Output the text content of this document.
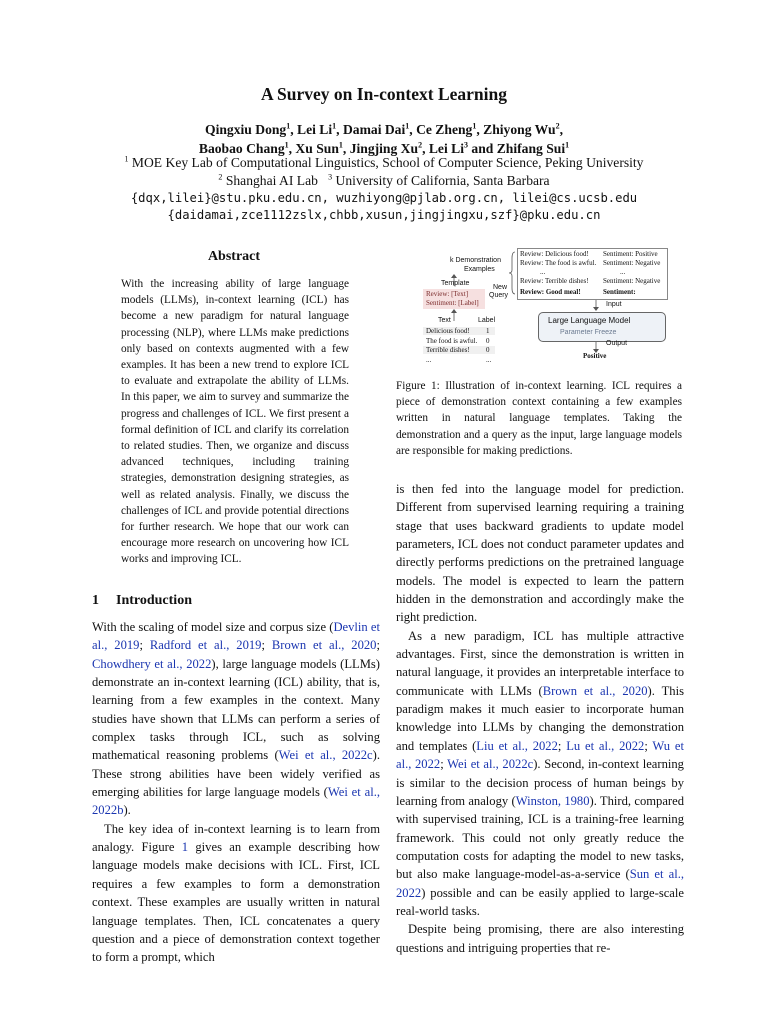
A Survey on In-context Learning
Qingxiu Dong$^1$, Lei Li$^1$, Damai Dai$^1$, Ce Zheng$^1$, Zhiyong Wu$^2$,
Baobao Chang$^1$, Xu Sun$^1$, Jingjing Xu$^2$, Lei Li$^3$ and Zhifang Sui$^1$
$^1$ MOE Key Lab of Computational Linguistics, School of Computer Science, Peking University
$^2$ Shanghai AI Lab $^3$ University of California, Santa Barbara
{dqx,lilei}@stu.pku.edu.cn, wuzhiyong@pjlab.org.cn, lilei@cs.ucsb.edu
{daidamai,zce1112zslx,chbb,xusun,jingjingxu,szf}@pku.edu.cn
Abstract
With the increasing ability of large language models (LLMs), in-context learning (ICL) has become a new paradigm for natural language processing (NLP), where LLMs make predictions only based on contexts augmented with a few examples. It has been a new trend to explore ICL to evaluate and extrapolate the ability of LLMs. In this paper, we aim to survey and summarize the progress and challenges of ICL. We first present a formal definition of ICL and clarify its correlation to related studies. Then, we organize and discuss advanced techniques, including training strategies, demonstration designing strategies, as well as related analysis. Finally, we discuss the challenges of ICL and provide potential directions for further research. We hope that our work can encourage more research on uncovering how ICL works and improving ICL.
1 Introduction

With the scaling of model size and corpus size (Devlin et al., 2019; Radford et al., 2019; Brown et al., 2020; Chowdhery et al., 2022), large language models (LLMs) demonstrate an in-context learning (ICL) ability, that is, learning from a few examples in the context. Many studies have shown that LLMs can perform a series of complex tasks through ICL, such as solving mathematical reasoning problems (Wei et al., 2022c). These strong abilities have been widely verified as emerging abilities for large language models (Wei et al., 2022b).

The key idea of in-context learning is to learn from analogy. Figure 1 gives an example describing how language models make decisions with ICL. First, ICL requires a few examples to form a demonstration context. These examples are usually written in natural language templates. Then, ICL concatenates a query question and a piece of demonstration context together to form a prompt, which

k Demonstration
Examples
Template
New
Query
Review: [Text]
Sentiment: [Label]
Text	Label
Delicious food! 1
The food is awful. 0
Terrible dishes! 0
...	...
Review: Delicious food! Sentiment: Positive
Review: The food is awful. Sentiment: Negative
...	...
Review: Terrible dishes! Sentiment: Negative
Review: Good meal!	Sentiment:
Input
Large Language Model
Parameter Freeze
Output
Positive
Figure 1: Illustration of in-context learning. ICL requires a piece of demonstration context containing a few examples written in natural language templates. Taking the demonstration and a query as the input, large language models are responsible for making predictions.

is then fed into the language model for prediction. Different from supervised learning requiring a training stage that uses backward gradients to update model parameters, ICL does not conduct parameter updates and directly performs predictions on the pretrained language models. The model is expected to learn the pattern hidden in the demonstration and accordingly make the right prediction.

As a new paradigm, ICL has multiple attractive advantages. First, since the demonstration is written in natural language, it provides an interpretable interface to communicate with LLMs (Brown et al., 2020). This paradigm makes it much easier to incorporate human knowledge into LLMs by changing the demonstration and templates (Liu et al., 2022; Lu et al., 2022; Wu et al., 2022; Wei et al., 2022c). Second, in-context learning is similar to the decision process of human beings by learning from analogy (Winston, 1980). Third, compared with supervised training, ICL is a training-free learning framework. This could not only greatly reduce the computation costs for adapting the model to new tasks, but also make language-model-as-a-service (Sun et al., 2022) possible and can be easily applied to large-scale real-world tasks.

Despite being promising, there are also interesting questions and intriguing properties that re-
